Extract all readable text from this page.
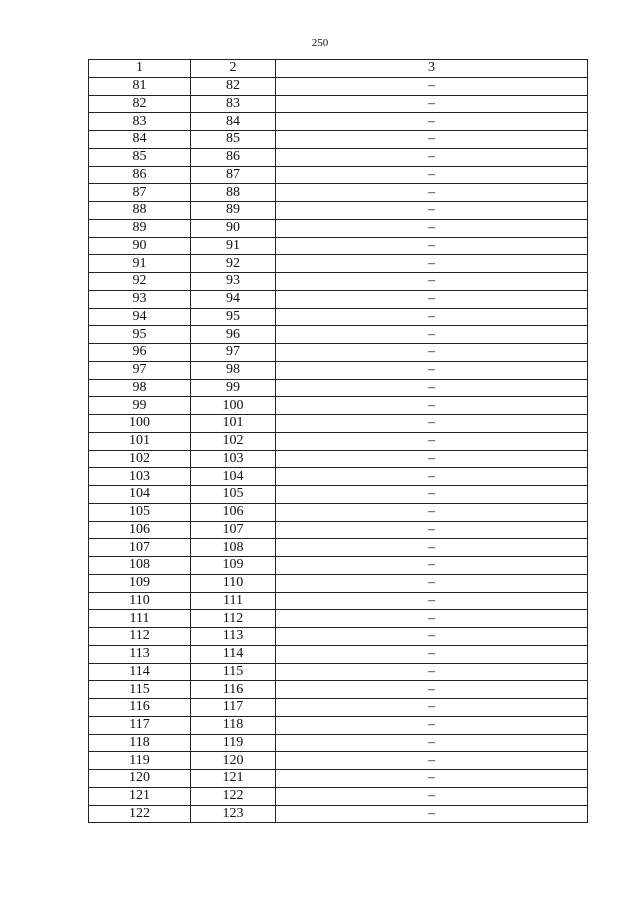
250
1	2	3
81	82	–
82	83	–
83	84	–
84	85	–
85	86	–
86	87	–
87	88	–
88	89	–
89	90	–
90	91	–
91	92	–
92	93	–
93	94	–
94	95	–
95	96	–
96	97	–
97	98	–
98	99	–
99	100	–
100	101	–
101	102	–
102	103	–
103	104	–
104	105	–
105	106	–
106	107	–
107	108	–
108	109	–
109	110	–
110	111	–
111	112	–
112	113	–
113	114	–
114	115	–
115	116	–
116	117	–
117	118	–
118	119	–
119	120	–
120	121	–
121	122	–
122	123	–
